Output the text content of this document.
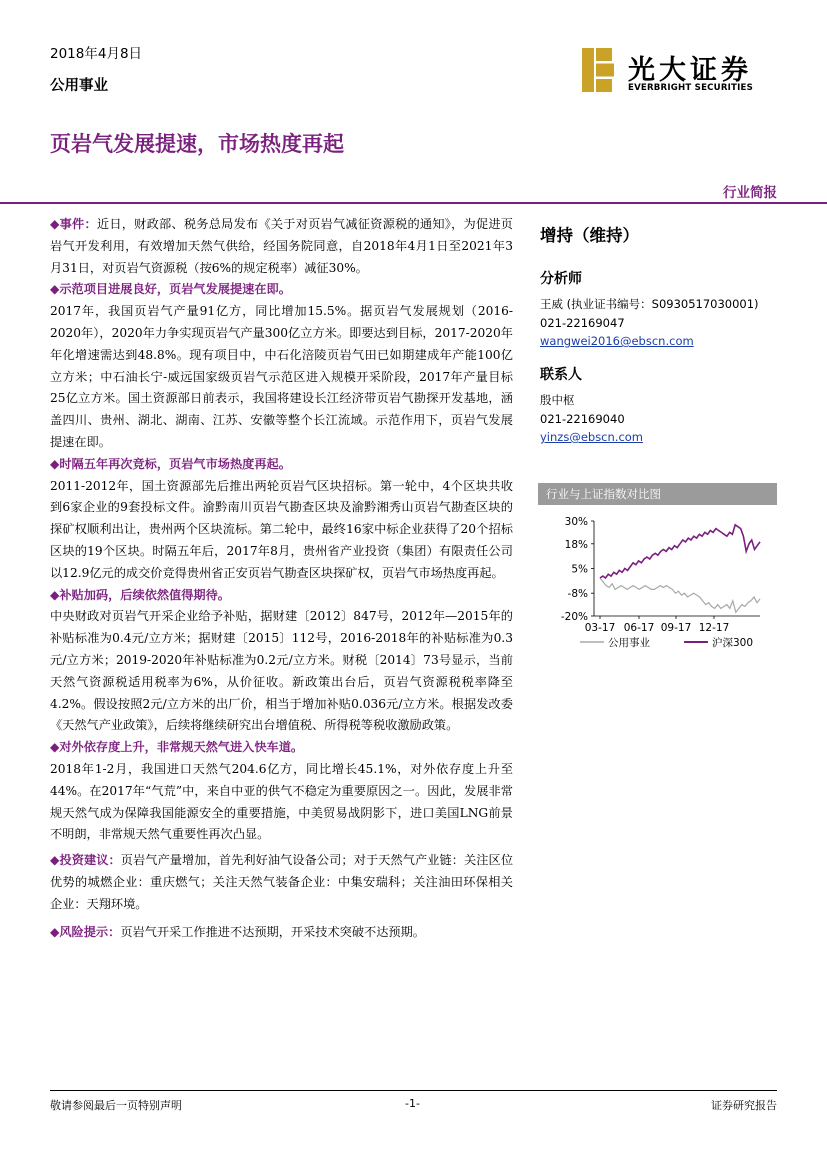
2018年4月8日
公用事业	光大证券
EVERBRIGHT SECURITIES
页岩气发展提速，市场热度再起
行业简报

◆事件：近日，财政部、税务总局发布《关于对页岩气减征资源税的通知》，为促进页岩气开发利用，有效增加天然气供给，经国务院同意，自2018年4月1日至2021年3月31日，对页岩气资源税（按6%的规定税率）减征30%。

◆示范项目进展良好，页岩气发展提速在即。

2017年，我国页岩气产量91亿方，同比增加15.5%。据页岩气发展规划（2016-2020年），2020年力争实现页岩气产量300亿立方米。即要达到目标，2017-2020年年化增速需达到48.8%。现有项目中，中石化涪陵页岩气田已如期建成年产能100亿立方米；中石油长宁-威远国家级页岩气示范区进入规模开采阶段，2017年产量目标25亿立方米。国土资源部日前表示，我国将建设长江经济带页岩气勘探开发基地，涵盖四川、贵州、湖北、湖南、江苏、安徽等整个长江流域。示范作用下，页岩气发展提速在即。

◆时隔五年再次竞标，页岩气市场热度再起。

2011-2012年，国土资源部先后推出两轮页岩气区块招标。第一轮中，4个区块共收到6家企业的9套投标文件。渝黔南川页岩气勘查区块及渝黔湘秀山页岩气勘查区块的探矿权顺利出让，贵州两个区块流标。第二轮中，最终16家中标企业获得了20个招标区块的19个区块。时隔五年后，2017年8月，贵州省产业投资（集团）有限责任公司以12.9亿元的成交价竞得贵州省正安页岩气勘查区块探矿权，页岩气市场热度再起。

◆补贴加码，后续依然值得期待。

中央财政对页岩气开采企业给予补贴，据财建〔2012〕847号，2012年—2015年的补贴标准为0.4元/立方米；据财建〔2015〕112号，2016-2018年的补贴标准为0.3元/立方米；2019-2020年补贴标准为0.2元/立方米。财税〔2014〕73号显示，当前天然气资源税适用税率为6%，从价征收。新政策出台后，页岩气资源税税率降至4.2%。假设按照2元/立方米的出厂价，相当于增加补贴0.036元/立方米。根据发改委《天然气产业政策》，后续将继续研究出台增值税、所得税等税收激励政策。

◆对外依存度上升，非常规天然气进入快车道。

2018年1-2月，我国进口天然气204.6亿方，同比增长45.1%，对外依存度上升至44%。在2017年“气荒”中，来自中亚的供气不稳定为重要原因之一。因此，发展非常规天然气成为保障我国能源安全的重要措施，中美贸易战阴影下，进口美国LNG前景不明朗，非常规天然气重要性再次凸显。

◆投资建议：页岩气产量增加，首先利好油气设备公司；对于天然气产业链：关注区位优势的城燃企业：重庆燃气；关注天然气装备企业：中集安瑞科；关注油田环保相关企业：天翔环境。

◆风险提示：页岩气开采工作推进不达预期，开采技术突破不达预期。

增持（维持）
分析师
王威 (执业证书编号：S0930517030001)
021-22169047
wangwei2016@ebscn.com
联系人
殷中枢
021-22169040
yinzs@ebscn.com
行业与上证指数对比图
30%
18%
5%
-8%
-20%
03-17 06-17 09-17 12-17
公用事业	沪深300
敬请参阅最后一页特别声明	-1-	证券研究报告
